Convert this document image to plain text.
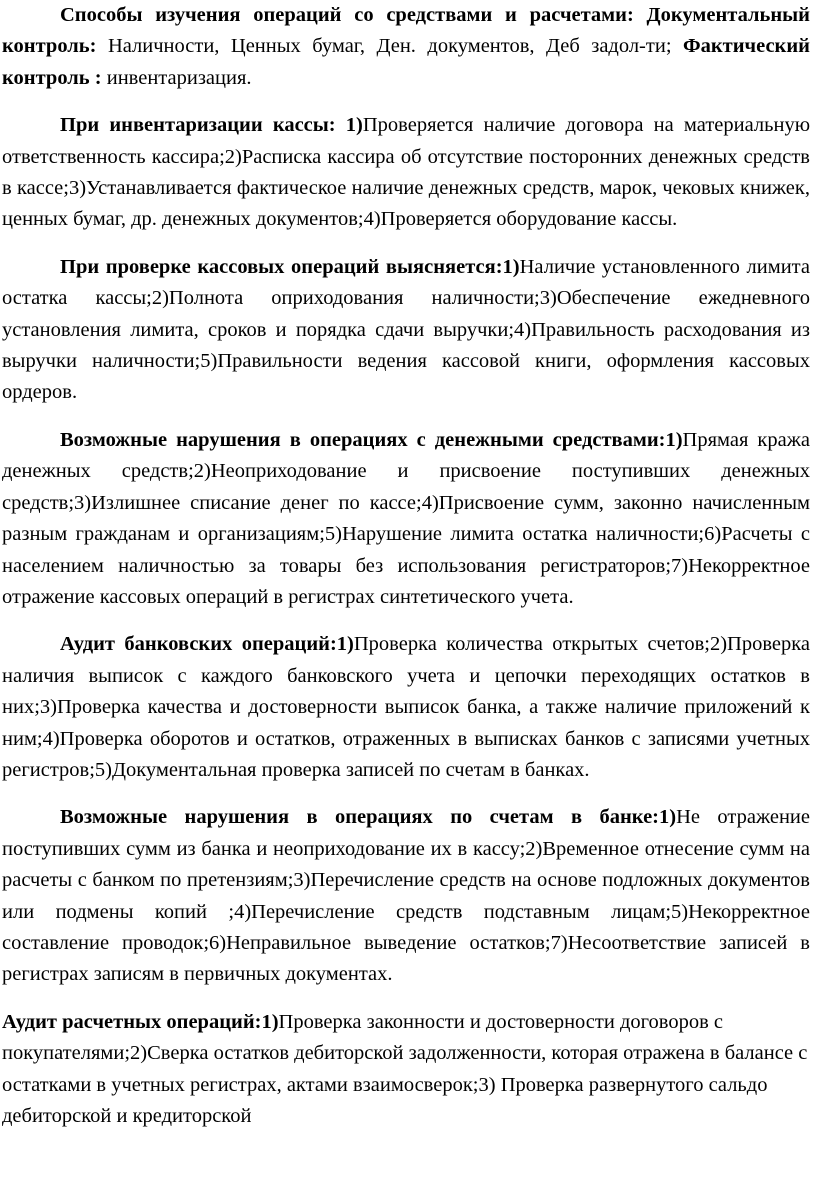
Способы изучения операций со средствами и расчетами: Документальный контроль: Наличности, Ценных бумаг, Ден. документов, Деб задол-ти; Фактический контроль : инвентаризация.

При инвентаризации кассы: 1)Проверяется наличие договора на материальную ответственность кассира;2)Расписка кассира об отсутствие посторонних денежных средств в кассе;3)Устанавливается фактическое наличие денежных средств, марок, чековых книжек, ценных бумаг, др. денежных документов;4)Проверяется оборудование кассы.

При проверке кассовых операций выясняется:1)Наличие установленного лимита остатка кассы;2)Полнота оприходования наличности;3)Обеспечение ежедневного установления лимита, сроков и порядка сдачи выручки;4)Правильность расходования из выручки наличности;5)Правильности ведения кассовой книги, оформления кассовых ордеров.

Возможные нарушения в операциях с денежными средствами:1)Прямая кража денежных средств;2)Неоприходование и присвоение поступивших денежных средств;3)Излишнее списание денег по кассе;4)Присвоение сумм, законно начисленным разным гражданам и организациям;5)Нарушение лимита остатка наличности;6)Расчеты с населением наличностью за товары без использования регистраторов;7)Некорректное отражение кассовых операций в регистрах синтетического учета.

Аудит банковских операций:1)Проверка количества открытых счетов;2)Проверка наличия выписок с каждого банковского учета и цепочки переходящих остатков в них;3)Проверка качества и достоверности выписок банка, а также наличие приложений к ним;4)Проверка оборотов и остатков, отраженных в выписках банков с записями учетных регистров;5)Документальная проверка записей по счетам в банках.

Возможные нарушения в операциях по счетам в банке:1)Не отражение поступивших сумм из банка и неоприходование их в кассу;2)Временное отнесение сумм на расчеты с банком по претензиям;3)Перечисление средств на основе подложных документов или подмены копий ;4)Перечисление средств подставным лицам;5)Некорректное составление проводок;6)Неправильное выведение остатков;7)Несоответствие записей в регистрах записям в первичных документах.

Аудит расчетных операций:1)Проверка законности и достоверности договоров с покупателями;2)Сверка остатков дебиторской задолженности, которая отражена в балансе с остатками в учетных регистрах, актами взаимосверок;3) Проверка развернутого сальдо дебиторской и кредиторской
